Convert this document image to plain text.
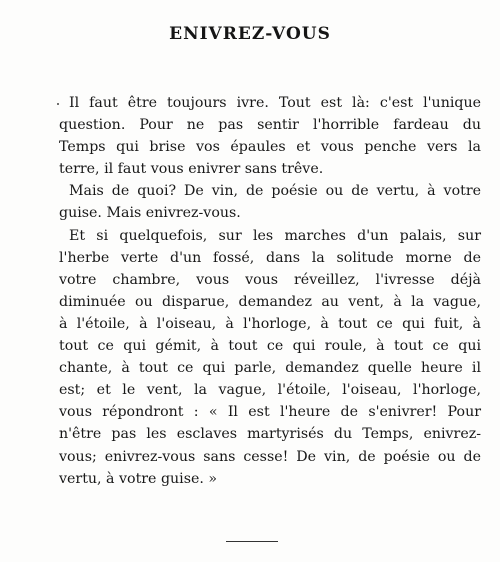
ENIVREZ-VOUS
Il faut être toujours ivre. Tout est là: c'est l'unique
question. Pour ne pas sentir l'horrible fardeau du
Temps qui brise vos épaules et vous penche vers la
terre, il faut vous enivrer sans trêve.
Mais de quoi? De vin, de poésie ou de vertu, à votre
guise. Mais enivrez-vous.
Et si quelquefois, sur les marches d'un palais, sur
l'herbe verte d'un fossé, dans la solitude morne de
votre chambre, vous vous réveillez, l'ivresse déjà
diminuée ou disparue, demandez au vent, à la vague,
à l'étoile, à l'oiseau, à l'horloge, à tout ce qui fuit, à
tout ce qui gémit, à tout ce qui roule, à tout ce qui
chante, à tout ce qui parle, demandez quelle heure il
est; et le vent, la vague, l'étoile, l'oiseau, l'horloge,
vous répondront : « Il est l'heure de s'enivrer! Pour
n'être pas les esclaves martyrisés du Temps, enivrez-
vous; enivrez-vous sans cesse! De vin, de poésie ou de
vertu, à votre guise. »
